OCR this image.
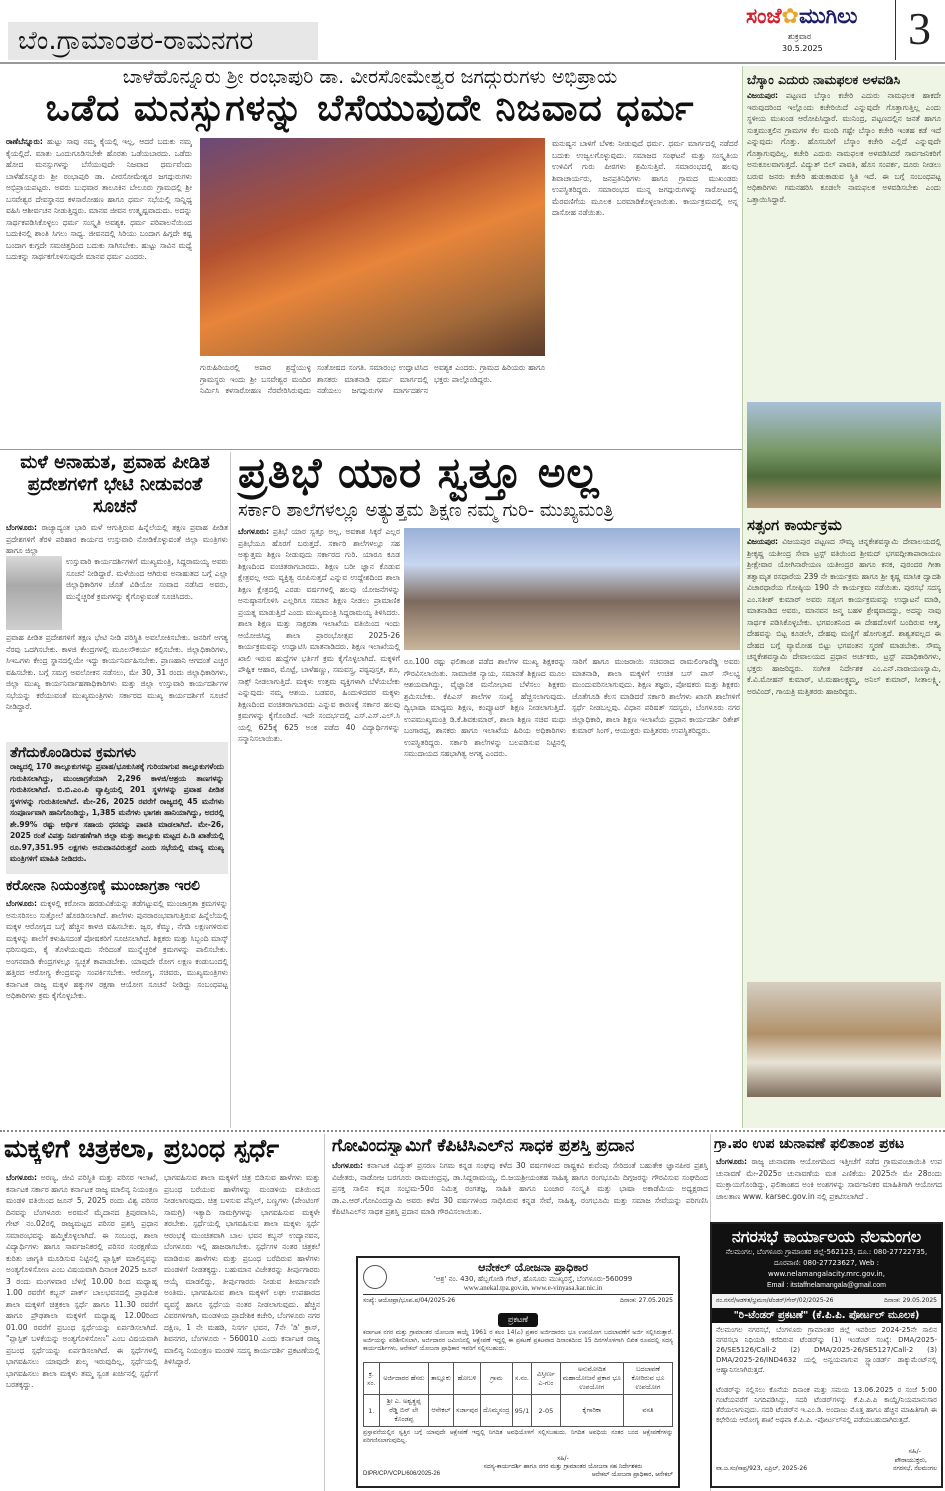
ಬೆಂ.ಗ್ರಾಮಾಂತರ-ರಾಮನಗರ
ಸಂಜೆ✿ಮುಗಿಲು
ಶುಕ್ರವಾರ
30.5.2025 3
ಬಾಳೆಹೊನ್ನೂರು ಶ್ರೀ ರಂಭಾಪುರಿ ಡಾ. ವೀರಸೋಮೇಶ್ವರ ಜಗದ್ಗುರುಗಳು ಅಭಿಪ್ರಾಯ
ಒಡೆದ ಮನಸ್ಸುಗಳನ್ನು ಬೆಸೆಯುವುದೇ ನಿಜವಾದ ಧರ್ಮ
ರಾಣೆಬೆನ್ನೂರು: ಹುಟ್ಟು ಸಾವು ನಮ್ಮ ಕೈಯಲ್ಲಿ ಇಲ್ಲ, ಆದರೆ ಬದುಕು ನಮ್ಮ ಕೈಯಲ್ಲಿದೆ. ಮಾತು ಒಂದುಗೂಡಿಸಬೇಕೇ ಹೊರತು ಒಡೆಯಬಾರದು. ಒಡೆದು ಹೋದ ಮನಸ್ಸುಗಳನ್ನು ಬೆಸೆಯುವುದೇ ನಿಜವಾದ ಧರ್ಮವೆಂದು ಬಾಳೆಹೊನ್ನೂರು ಶ್ರೀ ರಂಭಾಪುರಿ ಡಾ. ವೀರಸೋಮೇಶ್ವರ ಜಗದ್ಗುರುಗಳು ಅಭಿಪ್ರಾಯಪಟ್ಟರು. ಅವರು ಬುಧವಾರ ತಾಲೂಕಿನ ಬೇಲೂರು ಗ್ರಾಮದಲ್ಲಿ ಶ್ರೀ ಬಸವೇಶ್ವರ ದೇವಸ್ಥಾನದ ಕಳಸಾರೋಹಣ ಹಾಗೂ ಧರ್ಮ ಸಭೆಯಲ್ಲಿ ಸಾನ್ನಿಧ್ಯ ವಹಿಸಿ ಆಶೀರ್ವಚನ ನೀಡುತ್ತಿದ್ದರು. ಮಾನವ ಜೀವನ ಉತ್ಕೃಷ್ಟವಾದುದು. ಅದನ್ನು ಸಾರ್ಥಕಪಡಿಸಿಕೊಳ್ಳಲು ಧರ್ಮ ಸಂಸ್ಕೃತಿ ಅವಶ್ಯಕ. ಧರ್ಮ ಪರಿಪಾಲನೆಯಿಂದ ಬದುಕಿನಲ್ಲಿ ಶಾಂತಿ ಸಿಗಲು ಸಾಧ್ಯ. ಜೀವನದಲ್ಲಿ ಸಿರಿಯು ಬಂದಾಗ ಹಿಗ್ಗದೇ ಕಷ್ಟ ಬಂದಾಗ ಕುಗ್ಗದೇ ಸಮಚಿತ್ತದಿಂದ ಬದುಕು ಸಾಗಿಸಬೇಕು. ಹುಟ್ಟು ಸಾವಿನ ಮಧ್ಯೆ ಬದುಕನ್ನು ಸಾರ್ಥಕಗೊಳಿಸುವುದೇ ಮಾನವ ಧರ್ಮ ಎಂದರು.
ಗುರುಹಿರಿಯರಲ್ಲಿ ಅಪಾರ ಶ್ರದ್ಧೆಯುಳ್ಳ ಗ್ರಾಮಸ್ಥರು ಇಂದು ಶ್ರೀ ಬಸವೇಶ್ವರ ಮಂದಿರ ನಿರ್ಮಿಸಿ ಕಳಸಾರೋಹಣ ನೆರವೇರಿಸಿರುವುದು ಸಂತೋಷದ ಸಂಗತಿ. ಸಮಾರಂಭ ಉದ್ಘಾಟಿಸಿದ ಶಾಸಕರು ಮಾತನಾಡಿ ಧರ್ಮ ಮಾರ್ಗದಲ್ಲಿ ನಡೆಯಲು ಜಗದ್ಗುರುಗಳ ಮಾರ್ಗದರ್ಶನ ಅವಶ್ಯಕ ಎಂದರು. ಗ್ರಾಮದ ಹಿರಿಯರು ಹಾಗೂ ಭಕ್ತರು ಪಾಲ್ಗೊಂಡಿದ್ದರು.
ಮನುಷ್ಯನ ಬಾಳಿಗೆ ಬೆಳಕು ನೀಡುವುದೆ ಧರ್ಮ. ಧರ್ಮ ಮಾರ್ಗದಲ್ಲಿ ನಡೆದರೆ ಬದುಕು ಉಜ್ವಲಗೊಳ್ಳುವುದು. ಸಮಾಜದ ಸಂಘಟನೆ ಮತ್ತು ಸಂಸ್ಕೃತಿಯ ಉಳಿವಿಗೆ ಗುರು ಪೀಠಗಳು ಶ್ರಮಿಸುತ್ತಿವೆ. ಸಮಾರಂಭದಲ್ಲಿ ಹಲವು ಶಿವಾಚಾರ್ಯರು, ಜನಪ್ರತಿನಿಧಿಗಳು ಹಾಗೂ ಗ್ರಾಮದ ಮುಖಂಡರು ಉಪಸ್ಥಿತರಿದ್ದರು. ಸಮಾರಂಭದ ಮುನ್ನ ಜಗದ್ಗುರುಗಳನ್ನು ಸಾರೋಟದಲ್ಲಿ ಮೆರವಣಿಗೆಯ ಮೂಲಕ ಬರಮಾಡಿಕೊಳ್ಳಲಾಯಿತು. ಕಾರ್ಯಕ್ರಮದಲ್ಲಿ ಅನ್ನ ದಾಸೋಹ ನಡೆಯಿತು.
ಬೆಸ್ಕಾಂ ಎದುರು ನಾಮಫಲಕ ಅಳವಡಿಸಿ
ವಿಜಯಪುರ: ಪಟ್ಟಣದ ಬೆಸ್ಕಾಂ ಕಚೇರಿ ಎದುರು ನಾಮಫಲಕ ಹಾಕದೇ ಇರುವುದರಿಂದ ಇಲ್ಲೊಂದು ಕಚೇರಿಯಿದೆ ಎನ್ನುವುದೇ ಗೊತ್ತಾಗುತ್ತಿಲ್ಲ ಎಂದು ಸ್ಥಳೀಯ ಮುಖಂಡ ಆರೋಪಿಸಿದ್ದಾರೆ. ಮುನಿಂದ್ರ, ಪಟ್ಟಣದಲ್ಲಿನ ಜನತೆ ಹಾಗೂ ಸುತ್ತಮುತ್ತಲಿನ ಗ್ರಾಮಗಳ ಕೆಲ ಮಂದಿ ಗಷ್ಟೇ ಬೆಸ್ಕಾಂ ಕಚೇರಿ ಇಂತಹ ಕಡೆ ಇದೆ ಎನ್ನುವುದು ಗೊತ್ತು. ಹೊಸಬರಿಗೆ ಬೆಸ್ಕಾಂ ಕಚೇರಿ ಎಲ್ಲಿದೆ ಎನ್ನುವುದೇ ಗೊತ್ತಾಗುವುದಿಲ್ಲ. ಕಚೇರಿ ಎದುರು ನಾಮಫಲಕ ಅಳವಡಿಸಿದರೆ ಸಾರ್ವಜನಿಕರಿಗೆ ಅನುಕೂಲವಾಗುತ್ತದೆ. ವಿದ್ಯುತ್ ಬಿಲ್ ಪಾವತಿ, ಹೊಸ ಸಂಪರ್ಕ, ದೂರು ನೀಡಲು ಬರುವ ಜನರು ಕಚೇರಿ ಹುಡುಕಾಡುವ ಸ್ಥಿತಿ ಇದೆ. ಈ ಬಗ್ಗೆ ಸಂಬಂಧಪಟ್ಟ ಅಧಿಕಾರಿಗಳು ಗಮನಹರಿಸಿ ಕೂಡಲೇ ನಾಮಫಲಕ ಅಳವಡಿಸಬೇಕು ಎಂದು ಒತ್ತಾಯಿಸಿದ್ದಾರೆ.
ಸತ್ಸಂಗ ಕಾರ್ಯಕ್ರಮ
ವಿಜಯಪುರ: ವಿಜಯಪುರ ಪಟ್ಟಣದ ಸೌಮ್ಯ ಚನ್ನಕೇಶವಸ್ವಾಮಿ ದೇವಾಲಯದಲ್ಲಿ ಶ್ರೀಕೃಷ್ಣ ಯತೀಂದ್ರ ಸೇವಾ ಟ್ರಸ್ಟ್ ವತಿಯಿಂದ ಶ್ರೀಮದ್ ಭಗವದ್ಗೀತಾಪಾರಾಯಣ ಶ್ರೀಕ್ಷೇವಾರ ಯೋಗಿನಾರೇಯಣ ಯತೀಂದ್ರರ ಹಾಗೂ ಕನಕ, ಪುರಂದರ ಗೀತಾ ತತ್ವಾಮೃತ ರಸಧಾರೆಯ 239 ನೇ ಕಾರ್ಯಕ್ರಮ ಹಾಗೂ ಶ್ರೀ ಕೃಷ್ಣ ಮಾಸಿಕ ದ್ವಾದಶಿ ವಿಚಾರಧಾರೆಯ ಗೋಷ್ಠಿಯ 190 ನೇ ಕಾರ್ಯಕ್ರಮ ನಡೆಯಿತು. ಪುರಸಭೆ ಸದಸ್ಯ ಎಂ.ಸತೀಶ್ ಕುಮಾರ್ ಅವರು ಸತ್ಸಂಗ ಕಾರ್ಯಕ್ರಮವನ್ನು ಉದ್ಘಾಟನೆ ಮಾಡಿ, ಮಾತನಾಡಿದ ಅವರು, ಮಾನವನ ಜನ್ಮ ಬಹಳ ಶ್ರೇಷ್ಠವಾದದ್ದು, ಅದನ್ನು ನಾವು ಸಾರ್ಥಕ ಪಡಿಸಿಕೊಳ್ಳಬೇಕು. ಭಗವಂತನಿಂದ ಈ ದೇಹದೊಳಗೆ ಬಂದಿರುವ ಆತ್ಮ, ದೇಹವನ್ನು ಬಿಟ್ಟ ಕೂಡಲೇ, ದೇಹವು ಮಣ್ಣಿಗೆ ಹೋಗುತ್ತದೆ. ಶಾಶ್ವತವಲ್ಲದ ಈ ದೇಹದ ಬಗ್ಗೆ ವ್ಯಾಮೋಹ ಬಿಟ್ಟು ಭಗವಂತನ ಸ್ಮರಣೆ ಮಾಡಬೇಕು. ಸೌಮ್ಯ ಚನ್ನಕೇಶವಸ್ವಾಮಿ ದೇವಾಲಯದ ಪ್ರಧಾನ ಅರ್ಚಕರು, ಟ್ರಸ್ಟ್ ಪದಾಧಿಕಾರಿಗಳು, ಭಕ್ತರು ಹಾಜರಿದ್ದರು. ಸಂಗೀತ ನಿರ್ದೇಶಕ ಎಂ.ಎನ್.ನಾರಾಯಣಸ್ವಾಮಿ, ಕೆ.ವಿ.ಮೋಹನ್ ಕುಮಾರ್, ಟಿ.ಮಹಾಲಕ್ಷ್ಮಮ್ಮ, ಅನಿಲ್ ಕುಮಾರ್, ಸೀತಾಲಕ್ಷ್ಮಿ, ಅರವಿಂದ್, ಗಾಯತ್ರಿ ಮತ್ತಿತರರು ಹಾಜರಿದ್ದರು.
ಮಳೆ ಅನಾಹುತ, ಪ್ರವಾಹ ಪೀಡಿತ ಪ್ರದೇಶಗಳಿಗೆ ಭೇಟಿ ನೀಡುವಂತೆ ಸೂಚನೆ
ಬೆಂಗಳೂರು: ರಾಜ್ಯಾದ್ಯಂತ ಭಾರಿ ಮಳೆ ಆಗುತ್ತಿರುವ ಹಿನ್ನೆಲೆಯಲ್ಲಿ ತಕ್ಷಣ ಪ್ರವಾಹ ಪೀಡಿತ ಪ್ರದೇಶಗಳಿಗೆ ತೆರಳಿ ಪರಿಹಾರ ಕಾರ್ಯದ ಉಸ್ತುವಾರಿ ನೋಡಿಕೊಳ್ಳುವಂತೆ ಜಿಲ್ಲಾ ಮಂತ್ರಿಗಳು ಹಾಗೂ ಜಿಲ್ಲಾ
ಉಸ್ತುವಾರಿ ಕಾರ್ಯದರ್ಶಿಗಳಿಗೆ ಮುಖ್ಯಮಂತ್ರಿ, ಸಿದ್ದರಾಮಯ್ಯ ಅವರು ಸೂಚನೆ ನೀಡಿದ್ದಾರೆ. ಮಳೆಯಿಂದ ಆಗಿರುವ ಅನಾಹುತದ ಬಗ್ಗೆ ಎಲ್ಲಾ ಜಿಲ್ಲಾಧಿಕಾರಿಗಳ ಜೊತೆ ವಿಡಿಯೋ ಸಂವಾದ ನಡೆಸಿದ ಅವರು, ಮುನ್ನೆಚ್ಚರಿಕೆ ಕ್ರಮಗಳನ್ನು ಕೈಗೊಳ್ಳುವಂತೆ ಸೂಚಿಸಿದರು.
ಪ್ರವಾಹ ಪೀಡಿತ ಪ್ರದೇಶಗಳಿಗೆ ತಕ್ಷಣ ಭೇಟಿ ನೀಡಿ ಪರಿಸ್ಥಿತಿ ಅವಲೋಕಿಸಬೇಕು. ಜನರಿಗೆ ಅಗತ್ಯ ನೆರವು ಒದಗಿಸಬೇಕು. ಕಾಳಜಿ ಕೇಂದ್ರಗಳಲ್ಲಿ ಮೂಲಸೌಕರ್ಯ ಕಲ್ಪಿಸಬೇಕು. ಜಿಲ್ಲಾಧಿಕಾರಿಗಳು, ಸಿಇಒಗಳು ಕೇಂದ್ರ ಸ್ಥಾನದಲ್ಲಿಯೇ ಇದ್ದು ಕಾರ್ಯನಿರ್ವಹಿಸಬೇಕು. ಪ್ರಾಣಹಾನಿ ಆಗದಂತೆ ಎಚ್ಚರ ವಹಿಸಬೇಕು. ಬಗ್ಗೆ ಸಮಗ್ರ ಅವಲೋಕನ ನಡೆಸಲು, ಮೇ 30, 31 ರಂದು ಜಿಲ್ಲಾಧಿಕಾರಿಗಳು, ಜಿಲ್ಲಾ ಮುಖ್ಯ ಕಾರ್ಯನಿರ್ವಾಹಣಾಧಿಕಾರಿಗಳು ಮತ್ತು ಜಿಲ್ಲಾ ಉಸ್ತುವಾರಿ ಕಾರ್ಯದರ್ಶಿಗಳ ಸಭೆಯನ್ನು ಕರೆಯುವಂತೆ ಮುಖ್ಯಮಂತ್ರಿಗಳು ಸರ್ಕಾರದ ಮುಖ್ಯ ಕಾರ್ಯದರ್ಶಿಗೆ ಸೂಚನೆ ನೀಡಿದ್ದಾರೆ.
ತೆಗೆದುಕೊಂಡಿರುವ ಕ್ರಮಗಳು
ರಾಜ್ಯದಲ್ಲಿ 170 ತಾಲ್ಲೂಕುಗಳನ್ನು ಪ್ರವಾಹ/ಭೂಕುಸಿತಕ್ಕೆ ಗುರಿಯಾಗುವ ತಾಲ್ಲೂಕುಗಳೆಂದು ಗುರುತಿಸಲಾಗಿದ್ದು, ಮುಂಜಾಗ್ರತೆಯಾಗಿ 2,296 ಕಾಳಜಿ/ಆಶ್ರಯ ತಾಣಗಳನ್ನು ಗುರುತಿಸಲಾಗಿದೆ. ಬಿ.ಬಿ.ಎಂ.ಪಿ ವ್ಯಾಪ್ತಿಯಲ್ಲಿ 201 ಸ್ಥಳಗಳನ್ನು ಪ್ರವಾಹ ಪೀಡಿತ ಸ್ಥಳಗಳನ್ನು ಗುರುತಿಸಲಾಗಿದೆ. ಮೇ-26, 2025 ರವರೆಗೆ ರಾಜ್ಯದಲ್ಲಿ 45 ಮನೆಗಳು ಸಂಪೂರ್ಣವಾಗಿ ಹಾನಿಗೊಂಡಿದ್ದು, 1,385 ಮನೆಗಳು ಭಾಗಶಃ ಹಾನಿಯಾಗಿದ್ದು, ಅದರಲ್ಲಿ ಶೇ.99% ರಷ್ಟು ಆರ್ಥಿಕ ಸಹಾಯ ಧನವನ್ನು ಪಾವತಿ ಮಾಡಲಾಗಿದೆ. ಮೇ-26, 2025 ರಂತೆ ವಿಪತ್ತು ನಿರ್ವಹಣೆಗಾಗಿ ಜಿಲ್ಲಾ ಮತ್ತು ತಾಲ್ಲೂಕು ಮಟ್ಟದ ಪಿ.ಡಿ ಖಾತೆಯಲ್ಲಿ ರೂ.97,351.95 ಲಕ್ಷಗಳು ಅನುದಾನವಿರುತ್ತದೆ ಎಂದು ಸಭೆಯಲ್ಲಿ ಮಾನ್ಯ ಮುಖ್ಯ ಮಂತ್ರಿಗಳಿಗೆ ಮಾಹಿತಿ ನೀಡಿದರು.
ಕರೋನಾ ನಿಯಂತ್ರಣಕ್ಕೆ ಮುಂಜಾಗ್ರತಾ ಇರಲಿ
ಬೆಂಗಳೂರು: ಮಕ್ಕಳಲ್ಲಿ ಕರೋನಾ ಹರಡುವಿಕೆಯನ್ನು ತಡೆಗಟ್ಟುವಲ್ಲಿ ಮುಂಜಾಗ್ರತಾ ಕ್ರಮಗಳನ್ನು ಅನುಸರಿಸಲು ಸುತ್ತೋಲೆ ಹೊರಡಿಸಲಾಗಿದೆ. ಶಾಲೆಗಳು ಪುನರಾರಂಭವಾಗುತ್ತಿರುವ ಹಿನ್ನೆಲೆಯಲ್ಲಿ ಮಕ್ಕಳ ಆರೋಗ್ಯದ ಬಗ್ಗೆ ಹೆಚ್ಚಿನ ಕಾಳಜಿ ವಹಿಸಬೇಕು. ಜ್ವರ, ಕೆಮ್ಮು, ನೆಗಡಿ ಲಕ್ಷಣಗಳಿರುವ ಮಕ್ಕಳನ್ನು ಶಾಲೆಗೆ ಕಳುಹಿಸದಂತೆ ಪೋಷಕರಿಗೆ ಸೂಚಿಸಲಾಗಿದೆ. ಶಿಕ್ಷಕರು ಮತ್ತು ಸಿಬ್ಬಂದಿ ಮಾಸ್ಕ್ ಧರಿಸುವುದು, ಕೈ ತೊಳೆಯುವುದು ಸೇರಿದಂತೆ ಮುನ್ನೆಚ್ಚರಿಕೆ ಕ್ರಮಗಳನ್ನು ಪಾಲಿಸಬೇಕು. ಅಂಗನವಾಡಿ ಕೇಂದ್ರಗಳಲ್ಲೂ ಸ್ವಚ್ಛತೆ ಕಾಪಾಡಬೇಕು. ಯಾವುದೇ ರೋಗ ಲಕ್ಷಣ ಕಂಡುಬಂದಲ್ಲಿ ಹತ್ತಿರದ ಆರೋಗ್ಯ ಕೇಂದ್ರವನ್ನು ಸಂಪರ್ಕಿಸಬೇಕು. ಆರೋಗ್ಯ, ಸಚಿವರು, ಮುಖ್ಯಮಂತ್ರಿಗಳು ಕರ್ನಾಟಕ ರಾಜ್ಯ ಮಕ್ಕಳ ಹಕ್ಕುಗಳ ರಕ್ಷಣಾ ಆಯೋಗ ಸೂಚನೆ ನೀಡಿದ್ದು ಸಂಬಂಧಪಟ್ಟ ಅಧಿಕಾರಿಗಳು ಕ್ರಮ ಕೈಗೊಳ್ಳಬೇಕು.
ಪ್ರತಿಭೆ ಯಾರ ಸ್ವತ್ತೂ ಅಲ್ಲ
ಸರ್ಕಾರಿ ಶಾಲೆಗಳಲ್ಲೂ ಅತ್ಯುತ್ತಮ ಶಿಕ್ಷಣ ನಮ್ಮ ಗುರಿ- ಮುಖ್ಯಮಂತ್ರಿ
ಬೆಂಗಳೂರು: ಪ್ರತಿಭೆ ಯಾರ ಸ್ವತ್ತೂ ಅಲ್ಲ, ಅವಕಾಶ ಸಿಕ್ಕರೆ ಎಲ್ಲರ ಪ್ರತಿಭೆಯೂ ಹೊರಗೆ ಬರುತ್ತದೆ. ಸರ್ಕಾರಿ ಶಾಲೆಗಳಲ್ಲೂ ಸಹ ಅತ್ಯುತ್ತಮ ಶಿಕ್ಷಣ ನೀಡುವುದು ಸರ್ಕಾರದ ಗುರಿ. ಯಾರೂ ಕೂಡ ಶಿಕ್ಷಣದಿಂದ ವಂಚಿತರಾಗಬಾರದು. ಶಿಕ್ಷಣ ಬರೀ ಜ್ಞಾನ ಕೊಡುವ ಕ್ಷೇತ್ರವಲ್ಲ ಅದು ವ್ಯಕ್ತಿತ್ವ ರೂಪಿಸುತ್ತದೆ ಎನ್ನುವ ಉದ್ದೇಶದಿಂದ ಶಾಲಾ ಶಿಕ್ಷಣ ಕ್ಷೇತ್ರದಲ್ಲಿ ಎರಡು ವರ್ಷಗಳಲ್ಲಿ ಹಲವು ಯೋಜನೆಗಳನ್ನು ಅನುಷ್ಠಾನಗೊಳಿಸಿ ಎಲ್ಲರಿಗೂ ಸಮಾನ ಶಿಕ್ಷಣ ನೀಡಲು ಪ್ರಾಮಾಣಿಕ ಪ್ರಯತ್ನ ಮಾಡುತ್ತಿದೆ ಎಂದು ಮುಖ್ಯಮಂತ್ರಿ ಸಿದ್ದರಾಮಯ್ಯ ತಿಳಿಸಿದರು. ಶಾಲಾ ಶಿಕ್ಷಣ ಮತ್ತು ಸಾಕ್ಷರತಾ ಇಲಾಖೆಯ ವತಿಯಿಂದ ಇಂದು ಆಯೋಜಿಸಿದ್ದ ಶಾಲಾ ಪ್ರಾರಂಭೋತ್ಸವ 2025-26 ಕಾರ್ಯಕ್ರಮವನ್ನು ಉದ್ಘಾಟಿಸಿ ಮಾತನಾಡಿದರು. ಶಿಕ್ಷಣ ಇಲಾಖೆಯಲ್ಲಿ ಖಾಲಿ ಇರುವ ಹುದ್ದೆಗಳ ಭರ್ತಿಗೆ ಕ್ರಮ ಕೈಗೊಳ್ಳಲಾಗಿದೆ. ಮಕ್ಕಳಿಗೆ ಪೌಷ್ಟಿಕ ಆಹಾರ, ಮೊಟ್ಟೆ, ಬಾಳೆಹಣ್ಣು, ಸಮವಸ್ತ್ರ, ಪಠ್ಯಪುಸ್ತಕ, ಶೂ, ಸಾಕ್ಸ್ ನೀಡಲಾಗುತ್ತಿದೆ. ಮಕ್ಕಳು ಉತ್ತಮ ವ್ಯಕ್ತಿಗಳಾಗಿ ಬೆಳೆಯಬೇಕು ಎನ್ನುವುದು ನಮ್ಮ ಆಶಯ. ಬಡವರ, ಹಿಂದುಳಿದವರ ಮಕ್ಕಳು ಶಿಕ್ಷಣದಿಂದ ವಂಚಿತರಾಗಬಾರದು ಎನ್ನುವ ಕಾರಣಕ್ಕೆ ಸರ್ಕಾರ ಹಲವು ಕ್ರಮಗಳನ್ನು ಕೈಗೊಂಡಿದೆ. ಇದೇ ಸಂದರ್ಭದಲ್ಲಿ ಎಸ್.ಎಸ್.ಎಲ್.ಸಿ ಯಲ್ಲಿ 625ಕ್ಕೆ 625 ಅಂಕ ಪಡೆದ 40 ವಿದ್ಯಾರ್ಥಿಗಳನ್ನು ಸನ್ಮಾನಿಸಲಾಯಿತು.
ರೂ.100 ರಷ್ಟು ಫಲಿತಾಂಶ ಪಡೆದ ಶಾಲೆಗಳ ಮುಖ್ಯ ಶಿಕ್ಷಕರನ್ನು ಗೌರವಿಸಲಾಯಿತು. ಸಾಮಾಜಿಕ ನ್ಯಾಯ, ಸಮಾನತೆ ಶಿಕ್ಷಣದ ಮೂಲ ಆಶಯವಾಗಿದ್ದು, ವೈಜ್ಞಾನಿಕ ಮನೋಭಾವ ಬೆಳೆಸಲು ಶಿಕ್ಷಕರು ಶ್ರಮಿಸಬೇಕು. ಕೆಪಿಎಸ್ ಶಾಲೆಗಳ ಸಂಖ್ಯೆ ಹೆಚ್ಚಿಸಲಾಗುವುದು. ದ್ವಿಭಾಷಾ ಮಾಧ್ಯಮ ಶಿಕ್ಷಣ, ಕಂಪ್ಯೂಟರ್ ಶಿಕ್ಷಣ ನೀಡಲಾಗುತ್ತಿದೆ. ಉಪಮುಖ್ಯಮಂತ್ರಿ ಡಿ.ಕೆ.ಶಿವಕುಮಾರ್, ಶಾಲಾ ಶಿಕ್ಷಣ ಸಚಿವ ಮಧು ಬಂಗಾರಪ್ಪ, ಶಾಸಕರು ಹಾಗೂ ಇಲಾಖೆಯ ಹಿರಿಯ ಅಧಿಕಾರಿಗಳು ಉಪಸ್ಥಿತರಿದ್ದರು. ಸರ್ಕಾರಿ ಶಾಲೆಗಳನ್ನು ಬಲಪಡಿಸುವ ನಿಟ್ಟಿನಲ್ಲಿ ಸಮುದಾಯದ ಸಹಭಾಗಿತ್ವ ಅಗತ್ಯ ಎಂದರು.
ಸಾರಿಗೆ ಹಾಗೂ ಮುಜರಾಯಿ ಸಚಿವರಾದ ರಾಮಲಿಂಗಾರೆಡ್ಡಿ ಅವರು ಮಾತನಾಡಿ, ಶಾಲಾ ಮಕ್ಕಳಿಗೆ ಉಚಿತ ಬಸ್ ಪಾಸ್ ಸೌಲಭ್ಯ ಮುಂದುವರಿಸಲಾಗುವುದು. ಶಿಕ್ಷಣ ತಜ್ಞರು, ಪೋಷಕರು ಮತ್ತು ಶಿಕ್ಷಕರು ಜೊತೆಗೂಡಿ ಕೆಲಸ ಮಾಡಿದರೆ ಸರ್ಕಾರಿ ಶಾಲೆಗಳು ಖಾಸಗಿ ಶಾಲೆಗಳಿಗೆ ಸ್ಪರ್ಧೆ ನೀಡಬಲ್ಲವು. ವಿಧಾನ ಪರಿಷತ್ ಸದಸ್ಯರು, ಬೆಂಗಳೂರು ನಗರ ಜಿಲ್ಲಾಧಿಕಾರಿ, ಶಾಲಾ ಶಿಕ್ಷಣ ಇಲಾಖೆಯ ಪ್ರಧಾನ ಕಾರ್ಯದರ್ಶಿ ರಿತೇಶ್ ಕುಮಾರ್ ಸಿಂಗ್, ಆಯುಕ್ತರು ಮತ್ತಿತರರು ಉಪಸ್ಥಿತರಿದ್ದರು.
ಮಕ್ಕಳಿಗೆ ಚಿತ್ರಕಲಾ, ಪ್ರಬಂಧ ಸ್ಪರ್ಧೆ
ಬೆಂಗಳೂರು: ಅರಣ್ಯ, ಜೀವಿ ಪರಿಸ್ಥಿತಿ ಮತ್ತು ಪರಿಸರ ಇಲಾಖೆ, ಕರ್ನಾಟಕ ಸರ್ಕಾರ ಹಾಗೂ ಕರ್ನಾಟಕ ರಾಜ್ಯ ಮಾಲಿನ್ಯ ನಿಯಂತ್ರಣ ಮಂಡಳಿ ವತಿಯಿಂದ ಜೂನ್ 5, 2025 ರಂದು ವಿಶ್ವ ಪರಿಸರ ದಿನವನ್ನು ಬೆಂಗಳೂರು ಅರಮನೆ ಮೈದಾನದ ತ್ರಿಪುರವಾಸಿನಿ, ಗೇಟ್ ನಂ.02ರಲ್ಲಿ ರಾಜ್ಯಮಟ್ಟದ ಪರಿಸರ ಪ್ರಶಸ್ತಿ ಪ್ರಧಾನ ಸಮಾರಂಭವನ್ನು ಹಮ್ಮಿಕೊಳ್ಳಲಾಗಿದೆ. ಈ ಸಂಬಂಧ, ಶಾಲಾ ವಿದ್ಯಾರ್ಥಿಗಳು ಹಾಗೂ ಸಾರ್ವಜನಿಕರಲ್ಲಿ ಪರಿಸರ ಸಂರಕ್ಷಣೆಯ ಕುರಿತು ಜಾಗೃತಿ ಮೂಡಿಸುವ ನಿಟ್ಟಿನಲ್ಲಿ ಪ್ಲಾಸ್ಟಿಕ್ ಮಾಲಿನ್ಯವನ್ನು ಅಂತ್ಯಗೊಳಿಸೋಣ ಎಂಬ ವಿಷಯವಾಗಿ ದಿನಾಂಕ 2025 ಜೂನ್ 3 ರಂದು ಮಂಗಳವಾರ ಬೆಳಿಗ್ಗೆ 10.00 ರಿಂದ ಮಧ್ಯಾಹ್ನ 1.00 ರವರೆಗೆ ಕಬ್ಬನ್ ಪಾರ್ಕ್ ಬಾಲಭವನದಲ್ಲಿ ಪ್ರಾಥಮಿಕ ಶಾಲಾ ಮಕ್ಕಳಿಗೆ ಚಿತ್ರಕಲಾ ಸ್ಪರ್ಧೆ ಹಾಗೂ 11.30 ರವರೆಗೆ ಹಾಗೂ ಪ್ರೌಢಶಾಲಾ ಮಕ್ಕಳಿಗೆ ಮಧ್ಯಾಹ್ನ 12.00ರಿಂದ 01.00 ರವರೆಗೆ ಪ್ರಬಂಧ ಸ್ಪರ್ಧೆಯನ್ನು ಏರ್ಪಡಿಸಲಾಗಿದೆ. "ಪ್ಲಾಸ್ಟಿಕ್ ಬಳಕೆಯನ್ನು ಅಂತ್ಯಗೊಳಿಸೋಣ" ಎಂಬ ವಿಷಯವಾಗಿ ಪ್ರಬಂಧ ಸ್ಪರ್ಧೆಯನ್ನು ಏರ್ಪಡಿಸಲಾಗಿದೆ. ಈ ಸ್ಪರ್ಧೆಗಳಲ್ಲಿ ಭಾಗವಹಿಸಲು ಯಾವುದೇ ಶುಲ್ಕ ಇರುವುದಿಲ್ಲ, ಸ್ಪರ್ಧೆಯಲ್ಲಿ ಭಾಗವಹಿಸಲು ಶಾಲಾ ಮಕ್ಕಳು ತಮ್ಮ ಸ್ವಂತ ಖರ್ಚಿನಲ್ಲಿ ಸ್ಪರ್ಧೆಗೆ ಬರತಕ್ಕದ್ದು.
ಭಾಗವಹಿಸುವ ಶಾಲಾ ಮಕ್ಕಳಿಗೆ ಚಿತ್ರ ಬಿಡಿಸುವ ಹಾಳೆಗಳು ಮತ್ತು ಪ್ರಬಂಧ ಬರೆಯುವ ಹಾಳೆಗಳನ್ನು ಮಂಡಳಿಯ ವತಿಯಿಂದ ನೀಡಲಾಗುವುದು. ಚಿತ್ರ ಬಳಸುವ ಪೆನ್ಸಿಲ್, ಬಣ್ಣಗಳು (ಪೇಂಟಿಂಗ್ ಸಾಮಗ್ರಿ) ಇತ್ಯಾದಿ ಸಾಮಗ್ರಿಗಳನ್ನು ಭಾಗವಹಿಸುವ ಮಕ್ಕಳೇ ತರಬೇಕು. ಸ್ಪರ್ಧೆಯಲ್ಲಿ ಭಾಗವಹಿಸುವ ಶಾಲಾ ಮಕ್ಕಳು ಸ್ಪರ್ಧೆ ಆರಂಭಕ್ಕೆ ಮುಂಚಿತವಾಗಿ ಬಾಲ ಭವನ ಕಬ್ಬನ್ ಉದ್ಯಾನವನ, ಬೆಂಗಳೂರು ಇಲ್ಲಿ ಹಾಜರಾಗಬೇಕು. ಸ್ಪರ್ಧೆಗಳ ನಂತರ ಚಿತ್ರಕಲೆ ಮಾಡಿರುವ ಹಾಳೆಗಳು ಮತ್ತು ಪ್ರಬಂಧ ಬರೆದಿರುವ ಹಾಳೆಗಳು ಮಂಡಳಿಗೆ ನೀಡತಕ್ಕದ್ದು. ಬಹುಮಾನ ವಿಜೇತರನ್ನು ತೀರ್ಪುಗಾರರು ಆಯ್ಕೆ ಮಾಡಲಿದ್ದು, ತೀರ್ಪುಗಾರರು ನೀಡುವ ತೀರ್ಮಾನವೇ ಅಂತಿಮ. ಭಾಗವಹಿಸುವ ಶಾಲಾ ಮಕ್ಕಳಿಗೆ ಲಘು ಉಪಹಾರದ ವ್ಯವಸ್ಥೆ ಹಾಗೂ ಸ್ಪರ್ಧೆಯ ನಂತರ ನೀಡಲಾಗುವುದು. ಹೆಚ್ಚಿನ ವಿವರಗಳಿಗಾಗಿ, ಮಂಡಳಿಯ ಪ್ರಾದೇಶಿಕ ಕಚೇರಿ, ಬೆಂಗಳೂರು ನಗರ ದಕ್ಷಿಣ, 1 ನೇ ಮಹಡಿ, ನಿಸರ್ಗ ಭವನ, 7ನೇ 'ಡಿ' ಕ್ರಾಸ್, ಶಿವನಗರ, ಬೆಂಗಳೂರು - 560010 ಎಂದು ಕರ್ನಾಟಕ ರಾಜ್ಯ ಮಾಲಿನ್ಯ ನಿಯಂತ್ರಣ ಮಂಡಳಿ ಸದಸ್ಯ ಕಾರ್ಯದರ್ಶಿ ಪ್ರಕಟಣೆಯಲ್ಲಿ ತಿಳಿಸಿದ್ದಾರೆ.
ಗೋವಿಂದಸ್ವಾಮಿಗೆ ಕೆಪಿಟಿಸಿಎಲ್‌ನ ಸಾಧಕ ಪ್ರಶಸ್ತಿ ಪ್ರದಾನ
ಬೆಂಗಳೂರು: ಕರ್ನಾಟಕ ವಿದ್ಯುತ್ ಪ್ರಸರಣ ನಿಗಮ ಕನ್ನಡ ಸಂಘವು ಕಳೆದ 30 ವರ್ಷಗಳಿಂದ ರಾಷ್ಟ್ರಕವಿ ಕುವೆಂಪು ಸೇರಿದಂತೆ ಬಹುತೇಕ ಜ್ಞಾನಪೀಠ ಪ್ರಶಸ್ತಿ ವಿಜೇತರು, ನಾಡೋಜ ಬರಗೂರು ರಾಮಚಂದ್ರಪ್ಪ, ಡಾ.ಸಿದ್ದರಾಮಯ್ಯ, ಬಿ.ಜಯಶ್ರೀಯಂತಹ ಸಾಹಿತ್ಯ ಹಾಗೂ ರಂಗಭೂಮಿ ದಿಗ್ಗಜರನ್ನು ಗೌರವಿಸುವ ಸಂಘದಿಂದ ಪ್ರಸಕ್ತ ಸಾಲಿನ ಕನ್ನಡ ಸಂಭ್ರಮ-50ರ ನಿಮಿತ್ತ ರಂಗತಜ್ಞ, ಸಾಹಿತಿ ಹಾಗೂ ಬಂಜಾರ ಸಂಸ್ಕೃತಿ ಮತ್ತು ಭಾಷಾ ಅಕಾಡೆಮಿಯ ಅಧ್ಯಕ್ಷರಾದ ಡಾ.ಎ.ಆರ್.ಗೋವಿಂದಸ್ವಾಮಿ ಅವರು ಕಳೆದ 30 ವರ್ಷಗಳಿಂದ ಸಾಧಿಸಿರುವ ಕನ್ನಡ ಸೇವೆ, ಸಾಹಿತ್ಯ, ರಂಗಭೂಮಿ ಮತ್ತು ಸಮಾಜ ಸೇವೆಯನ್ನು ಪರಿಗಣಿಸಿ ಕೆಪಿಟಿಸಿಎಲ್‌ನ ಸಾಧಕ ಪ್ರಶಸ್ತಿ ಪ್ರದಾನ ಮಾಡಿ ಗೌರವಿಸಲಾಯಿತು.
ಆನೇಕಲ್ ಯೋಜನಾ ಪ್ರಾಧಿಕಾರ
'ಆಶ್ರ' ನಂ. 430, ಹೆಬ್ಬಗೋಡಿ ಗೇಟ್, ಹೊಸೂರು ಮುಖ್ಯರಸ್ತೆ, ಬೆಂಗಳೂರು-560099
www.anekal.tpa.gov.in, www.e-vinyasa.kar.nic.in
ಸಂಖ್ಯೆ: ಆಯೋಪ್ರಾ/ಭೂಪ.ಪ/04/2025-26	ದಿನಾಂಕ: 27.05.2025
ಪ್ರಕಟಣೆ
ಕರ್ನಾಟಕ ನಗರ ಮತ್ತು ಗ್ರಾಮಾಂತರ ಯೋಜನಾ ಕಾಯ್ದೆ 1961 ರ ಕಲಂ 14(ಎ) ಪ್ರಕಾರ ಅರ್ಜಿದಾರರು ಭೂ ಉಪಯೋಗ ಬದಲಾವಣೆಗೆ ಅರ್ಜಿ ಸಲ್ಲಿಸಿರುತ್ತಾರೆ. ಅರ್ಜಿಯನ್ನು ಪರಿಶೀಲಿಸಲಾಗಿ, ಅರ್ಜಿದಾರರ ಜಮೀನಿನಲ್ಲಿ ಆಕ್ಷೇಪಣೆ ಇದ್ದಲ್ಲಿ ಈ ಪ್ರಕಟಣೆ ಪ್ರಕಟವಾದ ದಿನಾಂಕದಿಂದ 15 ದಿನಗಳೊಳಗಾಗಿ ಲಿಖಿತ ರೂಪದಲ್ಲಿ ಸದಸ್ಯ ಕಾರ್ಯದರ್ಶಿಗಳು, ಆನೇಕಲ್ ಯೋಜನಾ ಪ್ರಾಧಿಕಾರ ಇವರಿಗೆ ಸಲ್ಲಿಸಬಹುದು.
ಕ್ರ. ಸಂ.	ಅರ್ಜಿದಾರರ ಹೆಸರು	ತಾಲ್ಲೂಕು	ಹೋಬಳಿ	ಗ್ರಾಮ	ಸ.ನಂ.	ವಿಸ್ತೀರ್ಣ ಎ-ಗುಂ	ಅನುಮೋದಿತ ಮಹಾಯೋಜನೆ ಪ್ರಕಾರ ಭೂ ಉಪಯೋಗ	ಬದಲಾವಣೆ ಕೋರಿರುವ ಭೂ ಉಪಯೋಗ
1.	ಶ್ರೀ ಎ. ಅಶ್ವತ್ಥಪ್ಪ ರೆಡ್ಡಿ ಬಿನ್ ಲೇ ಕೊಂಡಪ್ಪ	ಆನೇಕಲ್	ಸರ್ಜಾಪುರ	ದೊಮ್ಮಸಂದ್ರ	95/1	2-05	ಕೈಗಾರಿಕಾ	ವಸತಿ
ಪ್ರಸ್ತಾವನೆಯಲ್ಲಿನ ಸ್ವತ್ತಿನ ಬಗ್ಗೆ ಯಾವುದೇ ಆಕ್ಷೇಪಣೆ ಇದ್ದಲ್ಲಿ ನಿಗದಿತ ಅವಧಿಯೊಳಗೆ ಸಲ್ಲಿಸಬಹುದು. ನಿಗದಿತ ಅವಧಿಯ ನಂತರ ಬಂದ ಆಕ್ಷೇಪಣೆಗಳನ್ನು ಪರಿಗಣಿಸಲಾಗುವುದಿಲ್ಲ.
ಸಹಿ/-
ಸದಸ್ಯ-ಕಾರ್ಯದರ್ಶಿ ಹಾಗೂ ನಗರ ಮತ್ತು ಗ್ರಾಮಾಂತರ ಯೋಜನಾ ಸಹ ನಿರ್ದೇಶಕರು
DIPR/CP/VCPL/606/2025-26	ಆನೇಕಲ್ ಯೋಜನಾ ಪ್ರಾಧಿಕಾರ, ಆನೇಕಲ್
ಗ್ರಾ.ಪಂ ಉಪ ಚುನಾವಣೆ ಫಲಿತಾಂಶ ಪ್ರಕಟ
ಬೆಂಗಳೂರು: ರಾಜ್ಯ ಚುನಾವಣಾ ಆಯೋಗದಿಂದ ಇತ್ತೀಚೆಗೆ ನಡೆದ ಗ್ರಾಮಪಂಚಾಯಿತಿ ಉಪ ಚುನಾವಣೆ ಮೇ-2025ರ ಚುನಾವಣೆಯ ಮತ ಎಣಿಕೆಯು 2025ನೇ ಮೇ 28ರಂದು ಮುಕ್ತಾಯಗೊಂಡಿದ್ದು, ಫಲಿತಾಂಶದ ಅಂಕಿ ಅಂಶಗಳನ್ನು ಸಾರ್ವಜನಿಕರ ಮಾಹಿತಿಗಾಗಿ ಆಯೋಗದ ಜಾಲತಾಣ www. karsec.gov.in ನಲ್ಲಿ ಪ್ರಕಟಿಸಲಾಗಿದೆ .
ನಗರಸಭೆ ಕಾರ್ಯಾಲಯ ನೆಲಮಂಗಲ
ನೆಲಮಂಗಲ, ಬೆಂಗಳೂರು ಗ್ರಾಮಾಂತರ ಜಿಲ್ಲೆ-562123, ದೂ.: 080-27722735,
ದೂರವಾಣಿ: 080-27723627, Web : www.nelamangalacity.mrc.gov.in,
Email : itstaffnelamangala@gmail.com
ನಂ.ನಸನೆ/ಆಡಳಿತ/ಭ್ರಮಣ/ಟೆಂಡರ್/ಗೇರ್/02/2025-26	ದಿನಾಂಕ: 29.05.2025
"ರಿ-ಟೆಂಡರ್ ಪ್ರಕಟಣೆ" (ಕೆ.ಪಿ.ಪಿ. ಪೋರ್ಟಲ್ ಮೂಲಕ)
ನೆಲಮಂಗಲ ನಗರಸಭೆ, ಬೆಂಗಳೂರು ಗ್ರಾಮಾಂತರ ಜಿಲ್ಲೆ ಇವರಿಂದ 2024-25ನೇ ಸಾಲಿನ ನಗರಸಭಾ ನಿಧಿಯಡಿ ಕರೆದಿರುವ ಟೆಂಡರ್‌ನ್ನು (1) ಇಂಡೆಂಟ್ ಸಂಖ್ಯೆ: DMA/2025-26/SE5126/Call-2 (2) DMA/2025-26/SE5127/Call-2 (3) DMA/2025-26/IND4632 ಯಲ್ಲಿ ಅನ್ವಯವಾಗುವ ಸ್ಟ್ಯಾಂಡರ್ಡ್ ಡಾಕ್ಯುಮೆಂಟ್‌ನಲ್ಲಿ ಆಹ್ವಾನಿಸಲಾಗಿರುತ್ತದೆ.
ಟೆಂಡರ್‌ನ್ನು ಸಲ್ಲಿಸಲು ಕೊನೆಯ ದಿನಾಂಕ ಮತ್ತು ಸಮಯ 13.06.2025 ರ ಸಂಜೆ 5:00 ಗಂಟೆಯವರೆಗೆ ನಿಗದಿಪಡಿಸಿದ್ದು, ಸದರಿ ಟೆಂಡರ್‌ಗಳನ್ನು ಕೆ.ಪಿ.ಪಿ.ಪಿ ಕಾಯ್ದೆ/ನಿಯಮಾನುಸಾರ ತೆರೆಯಲಾಗುವುದು. ಸದರಿ ಟೆಂಡರ್‌ನ ಇ.ಎಂ.ಡಿ. ಅಂದಾಜು ಮೊತ್ತ ಹಾಗೂ ಹೆಚ್ಚಿನ ಮಾಹಿತಿಗಾಗಿ ಈ ಕಛೇರಿಯ ಆರೋಗ್ಯ ಶಾಖೆ ಅಥವಾ ಕೆ.ಪಿ.ಪಿ. -ಪೋರ್ಟಲ್‌ನಲ್ಲಿ ಪಡೆಯಬಹುದಾಗಿರುತ್ತದೆ.
ಸಹಿ/-
ಪೌರಾಯುಕ್ತರು,
ವಾ.ಜ.ಸಂ/ಸಾಪ್ರ/923, ಎಪ್ರಿಲ್, 2025-26	ನಗರಸಭೆ, ನೆಲಮಂಗಲ
